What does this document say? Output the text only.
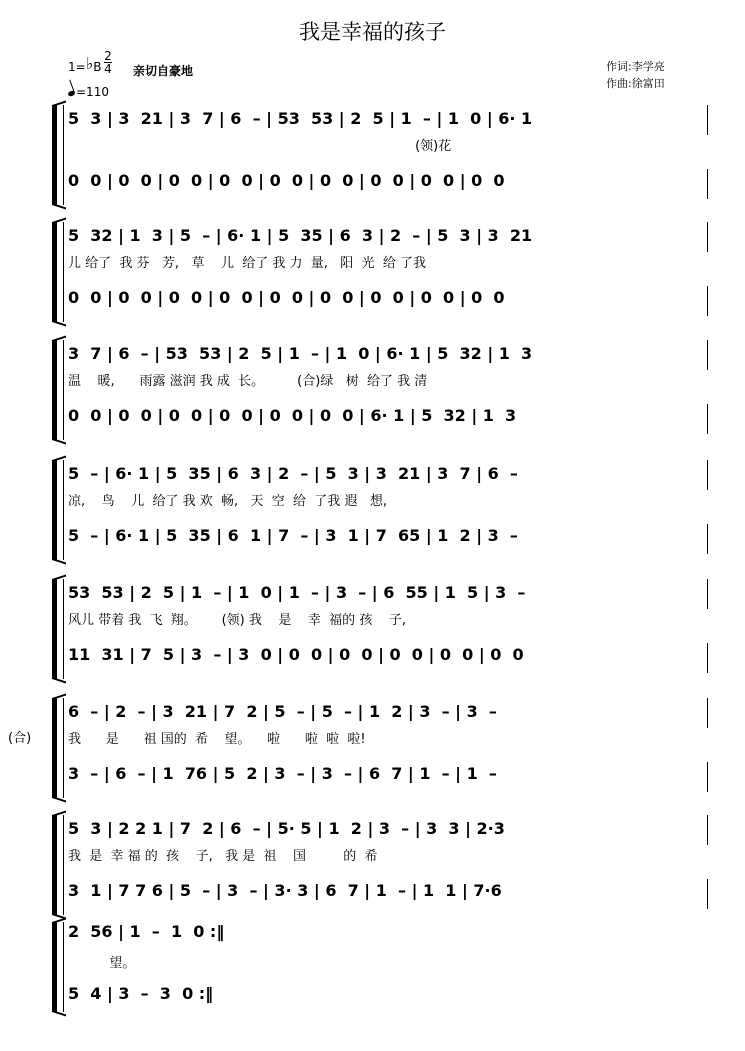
我是幸福的孩子
1=♭B
2
4
=110
亲切自豪地	作词:李学亮
作曲:徐富田
(合)
5  3 | 3  21 | 3  7 | 6  – | 53  53 | 2  5 | 1  – | 1  0 | 6· 1
(领)花
0  0 | 0  0 | 0  0 | 0  0 | 0  0 | 0  0 | 0  0 | 0  0 | 0  0
5  32 | 1  3 | 5  – | 6· 1 | 5  35 | 6  3 | 2  – | 5  3 | 3  21
儿 给了  我 芬   芳,   草    儿  给了 我 力  量,   阳  光  给 了我
0  0 | 0  0 | 0  0 | 0  0 | 0  0 | 0  0 | 0  0 | 0  0 | 0  0
3  7 | 6  – | 53  53 | 2  5 | 1  – | 1  0 | 6· 1 | 5  32 | 1  3
温    暖,      雨露 滋润 我 成  长。        (合)绿   树  给了 我 清
0  0 | 0  0 | 0  0 | 0  0 | 0  0 | 0  0 | 6· 1 | 5  32 | 1  3
5  – | 6· 1 | 5  35 | 6  3 | 2  – | 5  3 | 3  21 | 3  7 | 6  –
凉,    鸟    儿  给了 我 欢  畅,   天  空  给  了我 遐   想,
5  – | 6· 1 | 5  35 | 6  1 | 7  – | 3  1 | 7  65 | 1  2 | 3  –
53  53 | 2  5 | 1  – | 1  0 | 1  – | 3  – | 6  55 | 1  5 | 3  –
风儿 带着 我  飞  翔。      (领) 我    是    幸  福的 孩    子,
11  31 | 7  5 | 3  – | 3  0 | 0  0 | 0  0 | 0  0 | 0  0 | 0  0
6  – | 2  – | 3  21 | 7  2 | 5  – | 5  – | 1  2 | 3  – | 3  –
我      是      祖 国的  希    望。    啦      啦  啦  啦!
3  – | 6  – | 1  76 | 5  2 | 3  – | 3  – | 6  7 | 1  – | 1  –
5  3 | 2 2 1 | 7  2 | 6  – | 5· 5 | 1  2 | 3  – | 3  3 | 2·3
我  是  幸 福 的  孩    子,   我 是  祖    国         的  希
3  1 | 7 7 6 | 5  – | 3  – | 3· 3 | 6  7 | 1  – | 1  1 | 7·6
2  56 | 1  –  1  0 :‖
望。
5  4 | 3  –  3  0 :‖
